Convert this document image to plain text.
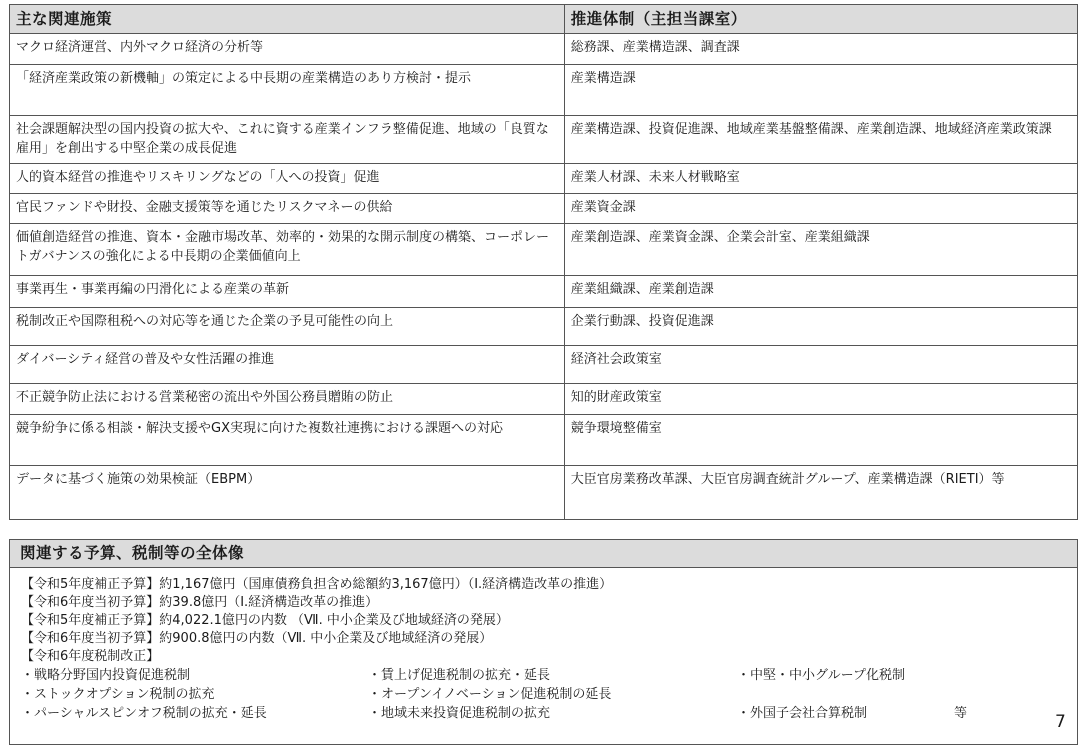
主な関連施策	推進体制（主担当課室）
マクロ経済運営、内外マクロ経済の分析等	総務課、産業構造課、調査課
「経済産業政策の新機軸」の策定による中長期の産業構造のあり方検討・提示	産業構造課
社会課題解決型の国内投資の拡大や、これに資する産業インフラ整備促進、地域の「良質な雇用」を創出する中堅企業の成長促進	産業構造課、投資促進課、地域産業基盤整備課、産業創造課、地域経済産業政策課
人的資本経営の推進やリスキリングなどの「人への投資」促進	産業人材課、未来人材戦略室
官民ファンドや財投、金融支援策等を通じたリスクマネーの供給	産業資金課
価値創造経営の推進、資本・金融市場改革、効率的・効果的な開示制度の構築、コーポレートガバナンスの強化による中長期の企業価値向上	産業創造課、産業資金課、企業会計室、産業組織課
事業再生・事業再編の円滑化による産業の革新	産業組織課、産業創造課
税制改正や国際租税への対応等を通じた企業の予見可能性の向上	企業行動課、投資促進課
ダイバーシティ経営の普及や女性活躍の推進	経済社会政策室
不正競争防止法における営業秘密の流出や外国公務員贈賄の防止	知的財産政策室
競争紛争に係る相談・解決支援やGX実現に向けた複数社連携における課題への対応	競争環境整備室
データに基づく施策の効果検証（EBPM）	大臣官房業務改革課、大臣官房調査統計グループ、産業構造課（RIETI）等
関連する予算、税制等の全体像
【令和5年度補正予算】約1,167億円（国庫債務負担含め総額約3,167億円）（Ⅰ.経済構造改革の推進）
【令和6年度当初予算】約39.8億円（Ⅰ.経済構造改革の推進）
【令和5年度補正予算】約4,022.1億円の内数 （Ⅶ. 中小企業及び地域経済の発展）
【令和6年度当初予算】約900.8億円の内数（Ⅶ. 中小企業及び地域経済の発展）
【令和6年度税制改正】
・戦略分野国内投資促進税制	・賃上げ促進税制の拡充・延長	・中堅・中小グループ化税制
・ストックオプション税制の拡充	・オープンイノベーション促進税制の延長
・パーシャルスピンオフ税制の拡充・延長	・地域未来投資促進税制の拡充	・外国子会社合算税制	等	7
